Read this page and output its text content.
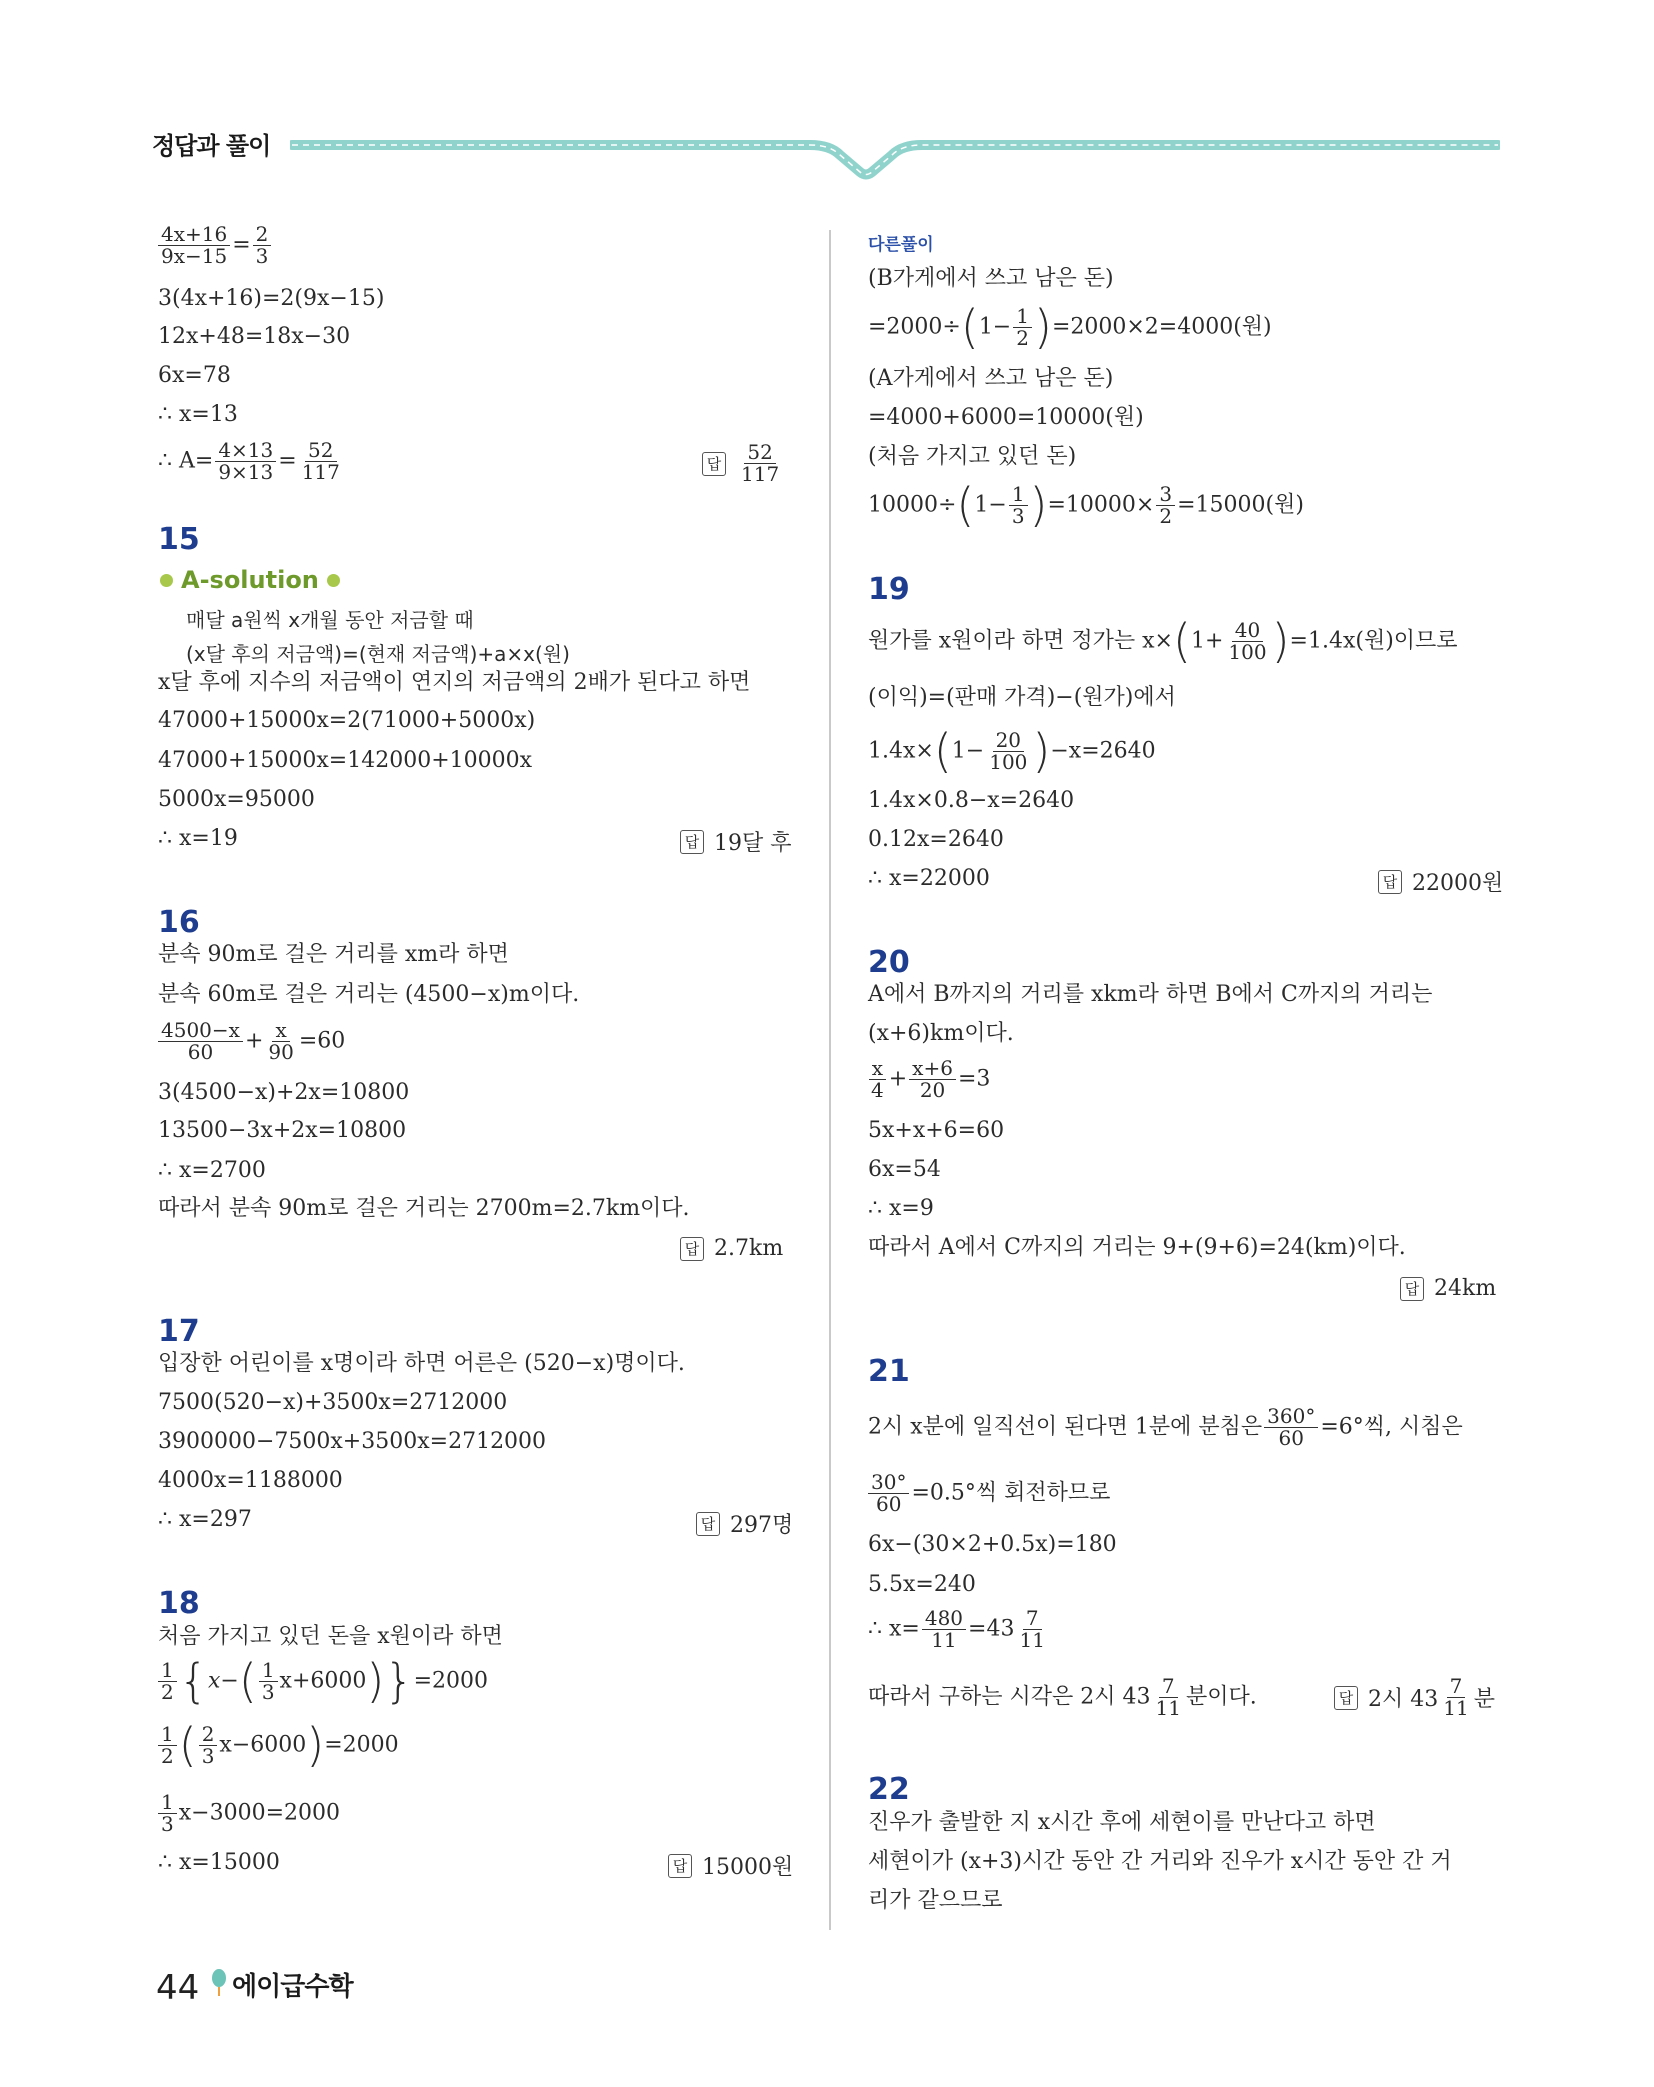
정답과 풀이
$\frac{4x+16}{9x-15} = \frac{2}{3}$
3(4x+16)=2(9x−15)
12x+48=18x−30
6x=78
∴ x=13
∴ $A= \frac{4\times 13}{9\times 13} = \frac{52}{117}$	답 $\frac{52}{117}$
15
A-solution
매달 a원씩 x개월 동안 저금할 때
(x달 후의 저금액)=(현재 저금액)+a×x(원)
x달 후에 지수의 저금액이 연지의 저금액의 2배가 된다고 하면
47000+15000x=2(71000+5000x)
47000+15000x=142000+10000x
5000x=95000
∴ x=19	답 19달 후
16
분속 90m로 걸은 거리를 xm라 하면
분속 60m로 걸은 거리는 (4500−x)m이다.
$\frac{4500-x}{60} + \frac{x}{90} =60$
3(4500−x)+2x=10800
13500−3x+2x=10800
∴ x=2700
따라서 분속 90m로 걸은 거리는 2700m=2.7km이다.
답 2.7km
17
입장한 어린이를 x명이라 하면 어른은 (520−x)명이다.
7500(520−x)+3500x=2712000
3900000−7500x+3500x=2712000
4000x=1188000
∴ x=297	답 297명
18
처음 가지고 있던 돈을 x원이라 하면
$\frac{1}{2} \{x-( \frac{1}{3} x+6000)\}=2000$
$\frac{1}{2}$ ( $\frac{2}{3} x-6000)=2000$
$\frac{1}{3} x-3000=2000$
∴ x=15000	답 15000원
다른풀이
(B가게에서 쓰고 남은 돈)
$=2000\div(1- \frac{1}{2} )=2000\times 2=4000$(원)
(A가게에서 쓰고 남은 돈)
=4000+6000=10000(원)
(처음 가지고 있던 돈)
$10000\div(1- \frac{1}{3} )=10000\times \frac{3}{2} =15000$(원)
19
원가를 x원이라 하면 정가는 $x\times(1+ \frac{40}{100} )=1.4x$(원)이므로
(이익)=(판매 가격)−(원가)에서
$1.4x\times(1- \frac{20}{100} )-x=2640$
1.4x×0.8−x=2640
0.12x=2640
∴ x=22000	답 22000원
20
A에서 B까지의 거리를 xkm라 하면 B에서 C까지의 거리는
(x+6)km이다.
$\frac{x}{4} + \frac{x+6}{20} =3$
5x+x+6=60
6x=54
∴ x=9
따라서 A에서 C까지의 거리는 9+(9+6)=24(km)이다.
답 24km
21
2시 x분에 일직선이 된다면 1분에 분침은 $\frac{360^\circ}{60} =6^\circ$씩, 시침은
$\frac{30^\circ}{60} =0.5^\circ$씩 회전하므로
6x−(30×2+0.5x)=180
5.5x=240
∴ $x= \frac{480}{11} =43 \frac{7}{11}$
따라서 구하는 시각은 2시 $43 \frac{7}{11}$ 분이다.	답 2시 $43 \frac{7}{11}$ 분
22
진우가 출발한 지 x시간 후에 세현이를 만난다고 하면
세현이가 (x+3)시간 동안 간 거리와 진우가 x시간 동안 간 거
리가 같으므로
44 에이급수학
